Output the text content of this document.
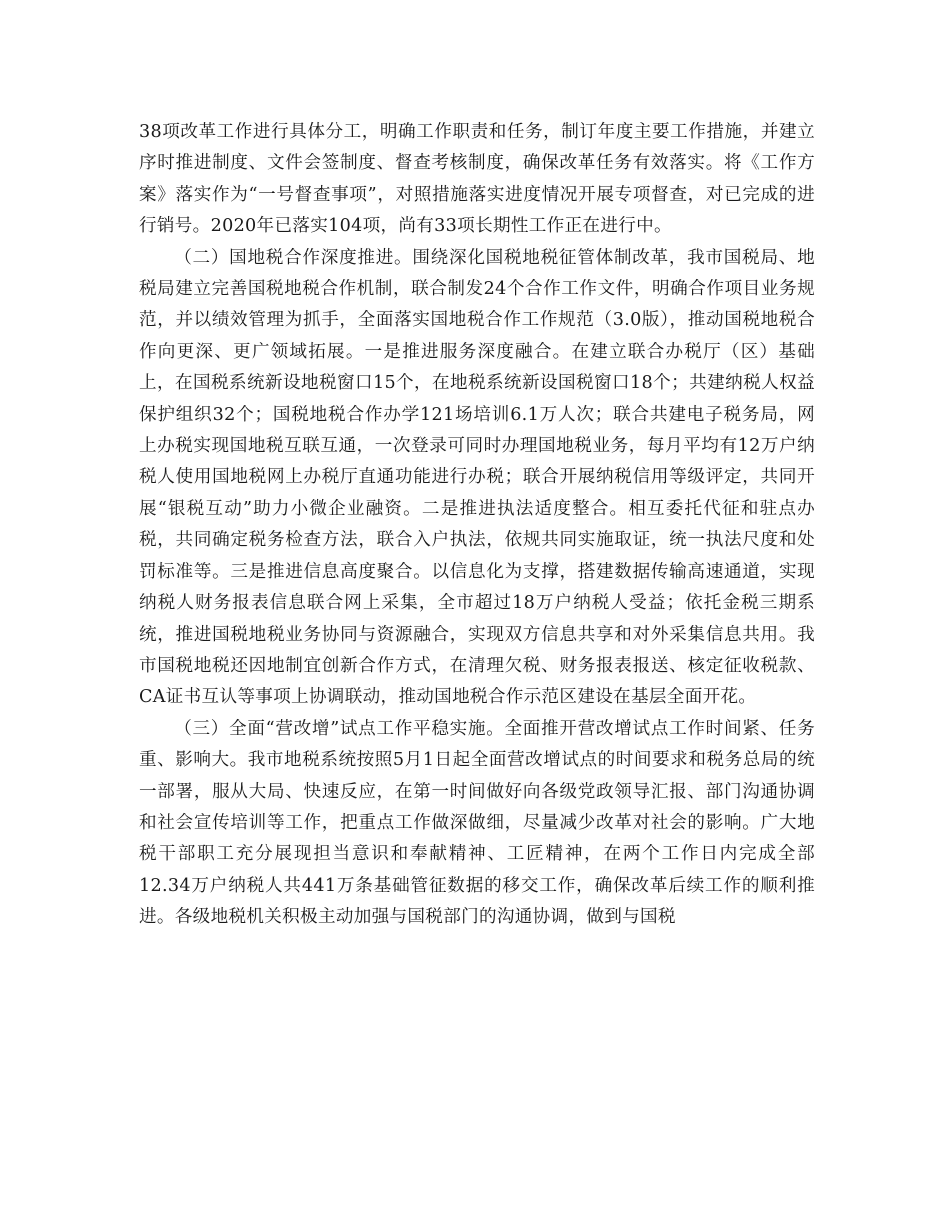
38项改革工作进行具体分工，明确工作职责和任务，制订年度主要工作措施，并建立序时推进制度、文件会签制度、督查考核制度，确保改革任务有效落实。将《工作方案》落实作为“一号督查事项”，对照措施落实进度情况开展专项督查，对已完成的进行销号。2020年已落实104项，尚有33项长期性工作正在进行中。

（二）国地税合作深度推进。围绕深化国税地税征管体制改革，我市国税局、地税局建立完善国税地税合作机制，联合制发24个合作工作文件，明确合作项目业务规范，并以绩效管理为抓手，全面落实国地税合作工作规范（3.0版），推动国税地税合作向更深、更广领域拓展。一是推进服务深度融合。在建立联合办税厅（区）基础上，在国税系统新设地税窗口15个，在地税系统新设国税窗口18个；共建纳税人权益保护组织32个；国税地税合作办学121场培训6.1万人次；联合共建电子税务局，网上办税实现国地税互联互通，一次登录可同时办理国地税业务，每月平均有12万户纳税人使用国地税网上办税厅直通功能进行办税；联合开展纳税信用等级评定，共同开展“银税互动”助力小微企业融资。二是推进执法适度整合。相互委托代征和驻点办税，共同确定税务检查方法，联合入户执法，依规共同实施取证，统一执法尺度和处罚标准等。三是推进信息高度聚合。以信息化为支撑，搭建数据传输高速通道，实现纳税人财务报表信息联合网上采集，全市超过18万户纳税人受益；依托金税三期系统，推进国税地税业务协同与资源融合，实现双方信息共享和对外采集信息共用。我市国税地税还因地制宜创新合作方式，在清理欠税、财务报表报送、核定征收税款、CA证书互认等事项上协调联动，推动国地税合作示范区建设在基层全面开花。

（三）全面“营改增”试点工作平稳实施。全面推开营改增试点工作时间紧、任务重、影响大。我市地税系统按照5月1日起全面营改增试点的时间要求和税务总局的统一部署，服从大局、快速反应，在第一时间做好向各级党政领导汇报、部门沟通协调和社会宣传培训等工作，把重点工作做深做细，尽量减少改革对社会的影响。广大地税干部职工充分展现担当意识和奉献精神、工匠精神，在两个工作日内完成全部12.34万户纳税人共441万条基础管征数据的移交工作，确保改革后续工作的顺利推进。各级地税机关积极主动加强与国税部门的沟通协调，做到与国税
